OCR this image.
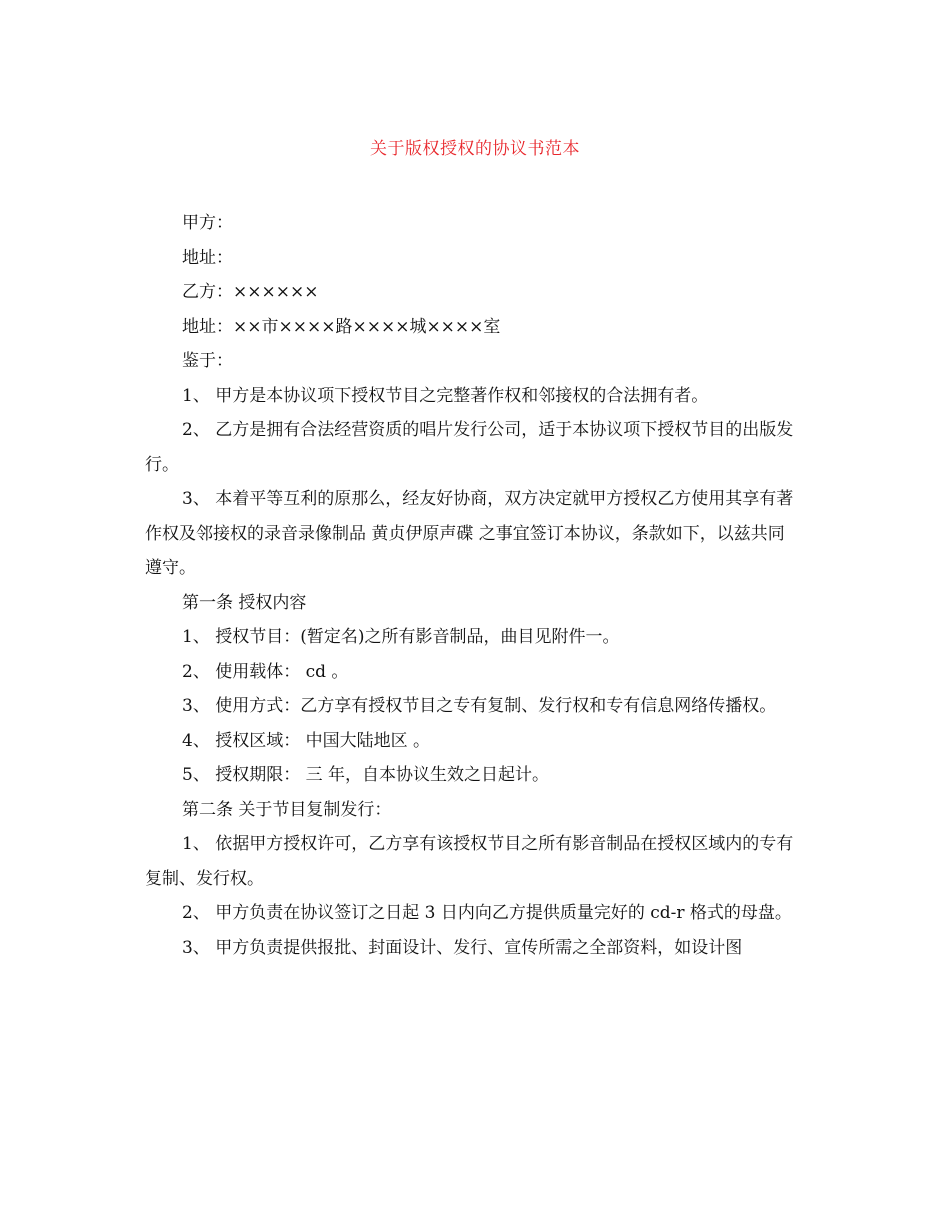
关于版权授权的协议书范本

甲方：

地址：

乙方：××××××

地址：××市××××路××××城××××室

鉴于：

1、 甲方是本协议项下授权节目之完整著作权和邻接权的合法拥有者。

2、 乙方是拥有合法经营资质的唱片发行公司，适于本协议项下授权节目的出版发行。

3、 本着平等互利的原那么，经友好协商，双方决定就甲方授权乙方使用其享有著作权及邻接权的录音录像制品 黄贞伊原声碟 之事宜签订本协议，条款如下，以兹共同遵守。

第一条 授权内容

1、 授权节目：(暂定名)之所有影音制品，曲目见附件一。

2、 使用载体： cd 。

3、 使用方式：乙方享有授权节目之专有复制、发行权和专有信息网络传播权。

4、 授权区域： 中国大陆地区 。

5、 授权期限： 三 年，自本协议生效之日起计。

第二条 关于节目复制发行：

1、 依据甲方授权许可，乙方享有该授权节目之所有影音制品在授权区域内的专有复制、发行权。

2、 甲方负责在协议签订之日起 3 日内向乙方提供质量完好的 cd-r 格式的母盘。

3、 甲方负责提供报批、封面设计、发行、宣传所需之全部资料，如设计图
